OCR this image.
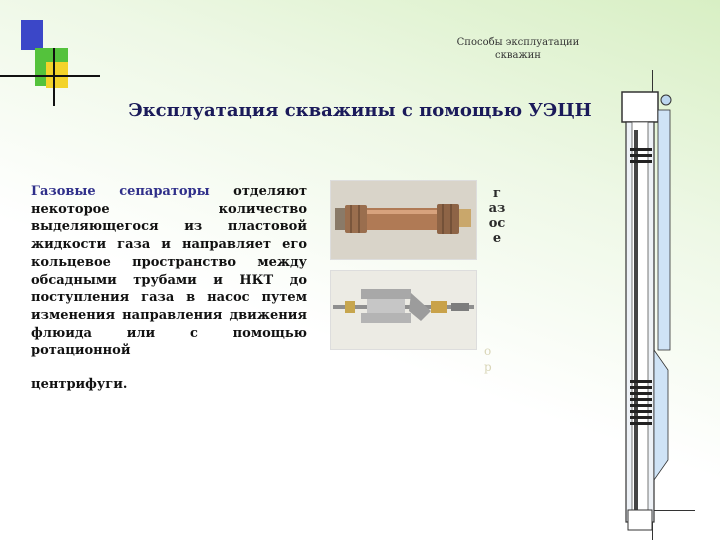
Способы эксплуатации
скважин
Эксплуатация скважины с помощью УЭЦН
Газовые сепараторы отделяют некоторое количество выделяющегося из пластовой жидкости газа и направляет его кольцевое пространство между обсадными трубами и НКТ до поступления газа в насос путем изменения направления движения флюида или с помощью ротационной
центрифуги.
г
аз
ос
е
о
р
